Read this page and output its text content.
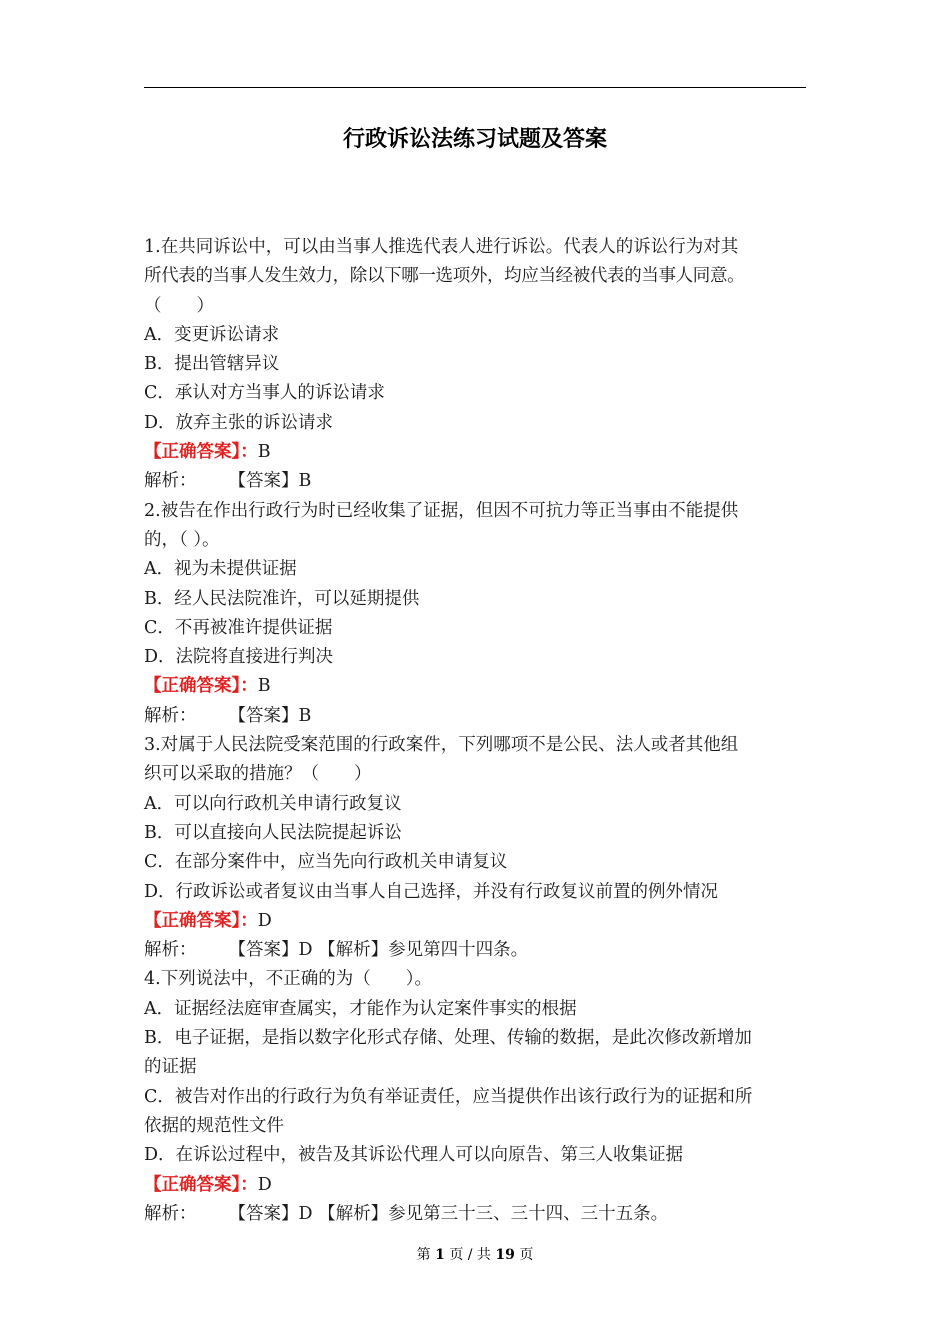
行政诉讼法练习试题及答案
1.在共同诉讼中，可以由当事人推选代表人进行诉讼。代表人的诉讼行为对其
所代表的当事人发生效力，除以下哪一选项外，均应当经被代表的当事人同意。
（　　）
A．变更诉讼请求
B．提出管辖异议
C．承认对方当事人的诉讼请求
D．放弃主张的诉讼请求
【正确答案】：B
解析： 【答案】B
2.被告在作出行政行为时已经收集了证据，但因不可抗力等正当事由不能提供
的，（ ）。
A．视为未提供证据
B．经人民法院准许，可以延期提供
C．不再被准许提供证据
D．法院将直接进行判决
【正确答案】：B
解析： 【答案】B
3.对属于人民法院受案范围的行政案件，下列哪项不是公民、法人或者其他组
织可以采取的措施？（　　）
A．可以向行政机关申请行政复议
B．可以直接向人民法院提起诉讼
C．在部分案件中，应当先向行政机关申请复议
D．行政诉讼或者复议由当事人自己选择，并没有行政复议前置的例外情况
【正确答案】：D
解析： 【答案】D 【解析】参见第四十四条。
4.下列说法中，不正确的为（　　）。
A．证据经法庭审查属实，才能作为认定案件事实的根据
B．电子证据，是指以数字化形式存储、处理、传输的数据，是此次修改新增加
的证据
C．被告对作出的行政行为负有举证责任，应当提供作出该行政行为的证据和所
依据的规范性文件
D．在诉讼过程中，被告及其诉讼代理人可以向原告、第三人收集证据
【正确答案】：D
解析： 【答案】D 【解析】参见第三十三、三十四、三十五条。
第 1 页 / 共 19 页
